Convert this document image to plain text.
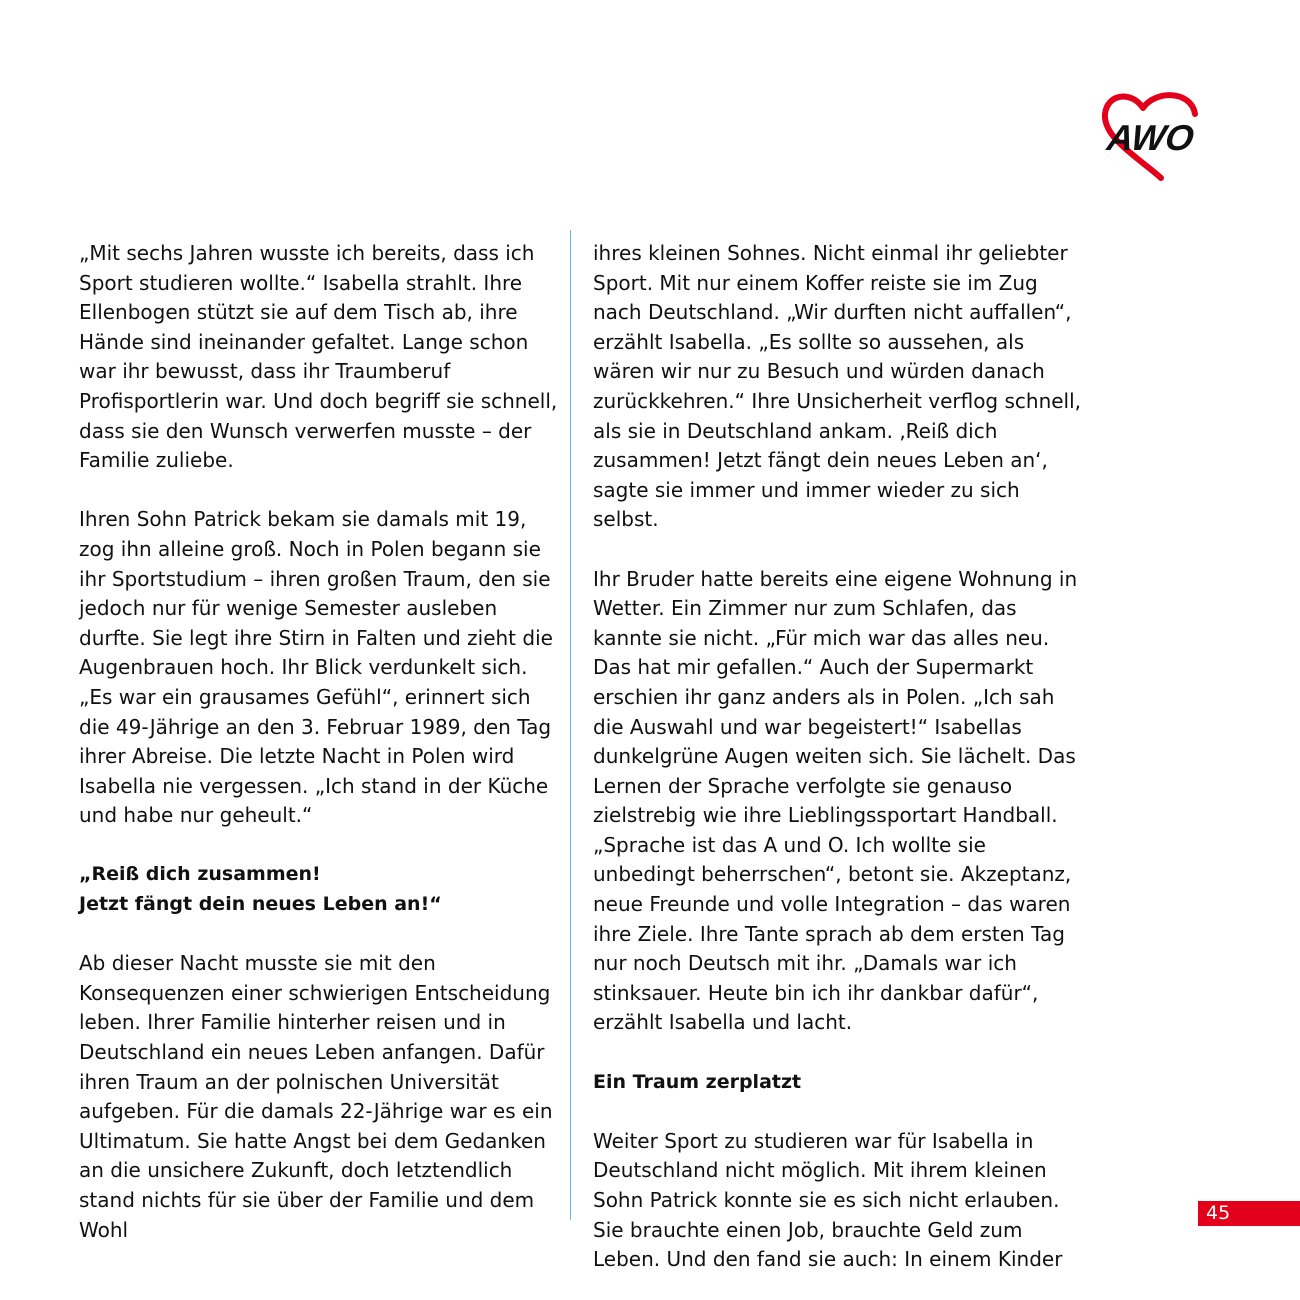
AWO

„Mit sechs Jahren wusste ich bereits, dass ich Sport studieren wollte.“ Isabella strahlt. Ihre Ellenbogen stützt sie auf dem Tisch ab, ihre Hände sind ineinander gefaltet. Lange schon war ihr bewusst, dass ihr Traumberuf Profisportlerin war. Und doch begriff sie schnell, dass sie den Wunsch verwerfen musste – der Familie zuliebe.

Ihren Sohn Patrick bekam sie damals mit 19, zog ihn alleine groß. Noch in Polen begann sie ihr Sportstudium – ihren großen Traum, den sie jedoch nur für wenige Semester ausleben durfte. Sie legt ihre Stirn in Falten und zieht die Augenbrauen hoch. Ihr Blick verdunkelt sich. „Es war ein grausames Gefühl“, erinnert sich die 49-Jährige an den 3. Februar 1989, den Tag ihrer Abreise. Die letzte Nacht in Polen wird Isabella nie vergessen. „Ich stand in der Küche und habe nur geheult.“

„Reiß dich zusammen!
Jetzt fängt dein neues Leben an!“

Ab dieser Nacht musste sie mit den Konsequenzen einer schwierigen Entscheidung leben. Ihrer Familie hinterher reisen und in Deutschland ein neues Leben anfangen. Dafür ihren Traum an der polnischen Universität aufgeben. Für die damals 22-Jährige war es ein Ultimatum. Sie hatte Angst bei dem Gedanken an die unsichere Zukunft, doch letztendlich stand nichts für sie über der Familie und dem Wohl

ihres kleinen Sohnes. Nicht einmal ihr geliebter Sport. Mit nur einem Koffer reiste sie im Zug nach Deutschland. „Wir durften nicht auffallen“, erzählt Isabella. „Es sollte so aussehen, als wären wir nur zu Besuch und würden danach zurückkehren.“ Ihre Unsicherheit verflog schnell, als sie in Deutschland ankam. ‚Reiß dich zusammen! Jetzt fängt dein neues Leben an‘, sagte sie immer und immer wieder zu sich selbst.

Ihr Bruder hatte bereits eine eigene Wohnung in Wetter. Ein Zimmer nur zum Schlafen, das kannte sie nicht. „Für mich war das alles neu. Das hat mir gefallen.“ Auch der Supermarkt erschien ihr ganz anders als in Polen. „Ich sah die Auswahl und war begeistert!“ Isabellas dunkelgrüne Augen weiten sich. Sie lächelt. Das Lernen der Sprache verfolgte sie genauso zielstrebig wie ihre Lieblingssportart Handball. „Sprache ist das A und O. Ich wollte sie unbedingt beherrschen“, betont sie. Akzeptanz, neue Freunde und volle Integration – das waren ihre Ziele. Ihre Tante sprach ab dem ersten Tag nur noch Deutsch mit ihr. „Damals war ich stinksauer. Heute bin ich ihr dankbar dafür“, erzählt Isabella und lacht.

Ein Traum zerplatzt

Weiter Sport zu studieren war für Isabella in Deutschland nicht möglich. Mit ihrem kleinen Sohn Patrick konnte sie es sich nicht erlauben. Sie brauchte einen Job, brauchte Geld zum Leben. Und den fand sie auch: In einem Kinder

45
